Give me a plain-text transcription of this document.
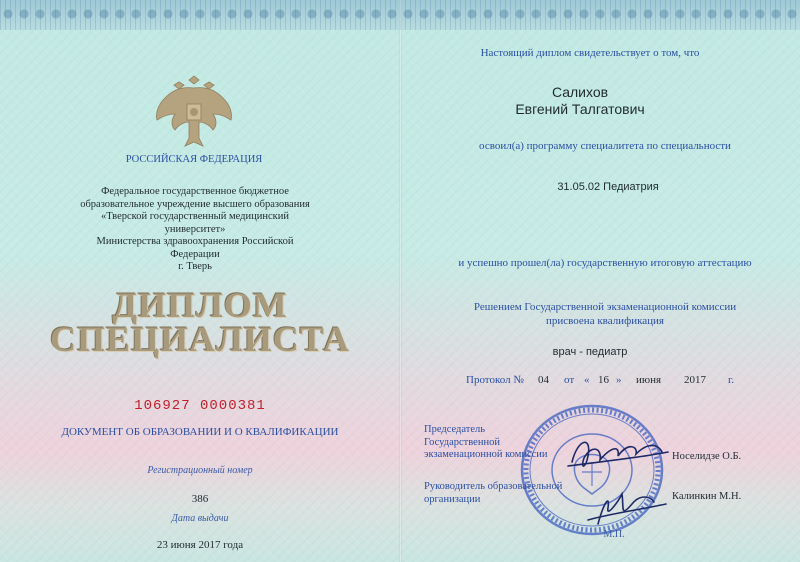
РОССИЙСКАЯ ФЕДЕРАЦИЯ
Федеральное государственное бюджетное
образовательное учреждение высшего образования
«Тверской государственный медицинский университет»
Министерства здравоохранения Российской Федерации
г. Тверь
ДИПЛОМ
СПЕЦИАЛИСТА
106927 0000381
ДОКУМЕНТ ОБ ОБРАЗОВАНИИ И О КВАЛИФИКАЦИИ
Регистрационный номер
386
Дата выдачи
23 июня 2017 года
Настоящий диплом свидетельствует о том, что
Салихов
Евгений Талгатович
освоил(а) программу специалитета по специальности
31.05.02 Педиатрия
и успешно прошел(ла) государственную итоговую аттестацию
Решением Государственной экзаменационной комиссии
присвоена квалификация
врач - педиатр
Протокол № 04 от « 16 » июня 2017 г.
Председатель
Государственной
экзаменационной комиссии	Носелидзе О.Б.
Руководитель образовательной
организации	Калинкин М.Н.
М.П.
